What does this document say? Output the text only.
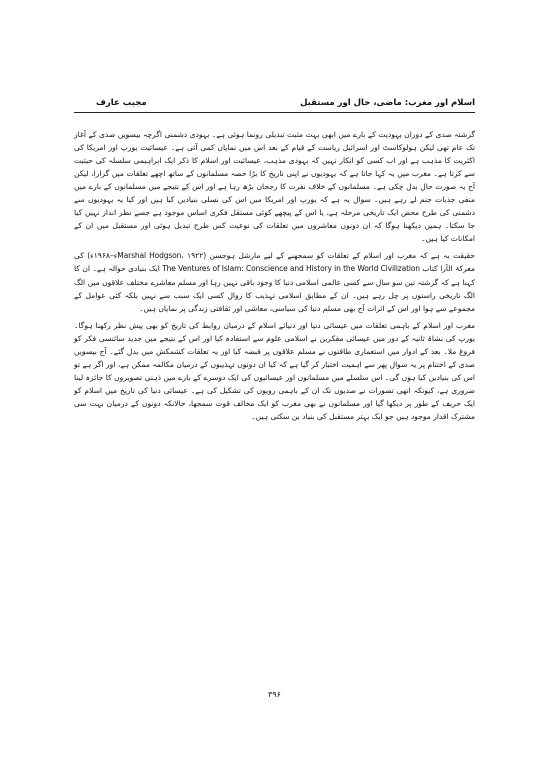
اسلام اور مغرب: ماضی، حال اور مستقبل
مجیب عارف

گزشتہ صدی کے دوران یہودیت کے بارے میں ابھی بہت مثبت تبدیلی رونما ہوئی ہے۔ یہودی دشمنی اگرچہ بیسویں صدی کے آغاز تک عام تھی لیکن ہولوکاسٹ اور اسرائیل ریاست کے قیام کے بعد اس میں نمایاں کمی آئی ہے۔ عیسائیت یورپ اور امریکا کی اکثریت کا مذہب ہے اور اب کسی کو انکار نہیں کہ یہودی مذہب، عیسائیت اور اسلام کا ذکر ایک ابراہیمی سلسلہ کی حیثیت سے کرتا ہے۔ مغرب میں یہ کہا جاتا ہے کہ یہودیوں نے اپنی تاریخ کا بڑا حصہ مسلمانوں کے ساتھ اچھے تعلقات میں گزارا، لیکن آج یہ صورت حال بدل چکی ہے۔ مسلمانوں کے خلاف نفرت کا رجحان بڑھ رہا ہے اور اس کے نتیجے میں مسلمانوں کے بارے میں منفی جذبات جنم لے رہے ہیں۔ سوال یہ ہے کہ یورپ اور امریکا میں اس کی نسلی بنیادیں کیا ہیں اور کیا یہ یہودیوں سے دشمنی کی طرح محض ایک تاریخی مرحلہ ہے، یا اس کے پیچھے کوئی مستقل فکری اساس موجود ہے جسے نظر انداز نہیں کیا جا سکتا۔ ہمیں دیکھنا ہوگا کہ ان دونوں معاشروں میں تعلقات کی نوعیت کس طرح تبدیل ہوئی اور مستقبل میں ان کے امکانات کیا ہیں۔

حقیقت یہ ہے کہ مغرب اور اسلام کے تعلقات کو سمجھنے کے لیے مارشل ہوجسن (Marshal Hodgson، ۱۹۲۲ء–۱۹۶۸ء) کی معرکۃ الآرا کتاب The Ventures of Islam: Conscience and History in the World Civilization ایک بنیادی حوالہ ہے۔ ان کا کہنا ہے کہ گزشتہ تین سو سال سے کسی عالمی اسلامی دنیا کا وجود باقی نہیں رہا اور مسلم معاشرے مختلف علاقوں میں الگ الگ تاریخی راستوں پر چل رہے ہیں۔ ان کے مطابق اسلامی تہذیب کا زوال کسی ایک سبب سے نہیں بلکہ کئی عوامل کے مجموعے سے ہوا اور اس کے اثرات آج بھی مسلم دنیا کی سیاسی، معاشی اور ثقافتی زندگی پر نمایاں ہیں۔

مغرب اور اسلام کے باہمی تعلقات میں عیسائی دنیا اور دنیائے اسلام کے درمیان روابط کی تاریخ کو بھی پیش نظر رکھنا ہوگا۔ یورپ کی نشاۃ ثانیہ کے دور میں عیسائی مفکرین نے اسلامی علوم سے استفادہ کیا اور اس کے نتیجے میں جدید سائنسی فکر کو فروغ ملا۔ بعد کے ادوار میں استعماری طاقتوں نے مسلم علاقوں پر قبضہ کیا اور یہ تعلقات کشمکش میں بدل گئے۔ آج بیسویں صدی کے اختتام پر یہ سوال پھر سے اہمیت اختیار کر گیا ہے کہ کیا ان دونوں تہذیبوں کے درمیان مکالمہ ممکن ہے، اور اگر ہے تو اس کی بنیادیں کیا ہوں گی۔ اس سلسلے میں مسلمانوں اور عیسائیوں کی ایک دوسرے کے بارے میں ذہنی تصویروں کا جائزہ لینا ضروری ہے، کیونکہ انھی تصورات نے صدیوں تک ان کے باہمی رویوں کی تشکیل کی ہے۔ عیسائی دنیا کی تاریخ میں اسلام کو ایک حریف کے طور پر دیکھا گیا اور مسلمانوں نے بھی مغرب کو ایک مخالف قوت سمجھا، حالانکہ دونوں کے درمیان بہت سی مشترک اقدار موجود ہیں جو ایک بہتر مستقبل کی بنیاد بن سکتی ہیں۔

۳۹۶
